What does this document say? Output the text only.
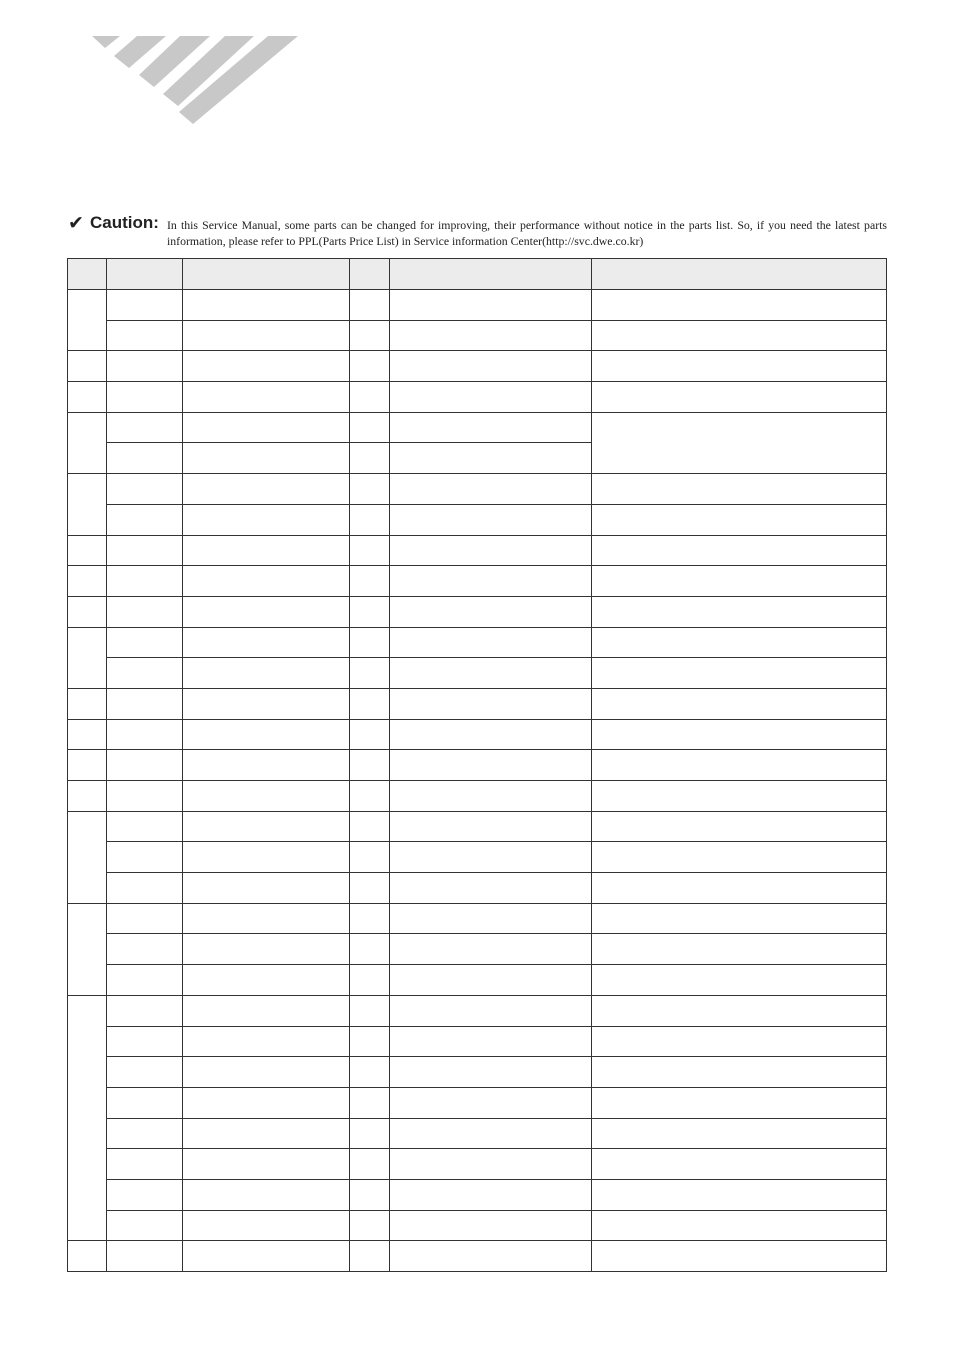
✔ Caution: In this Service Manual, some parts can be changed for improving, their performance without notice in the parts list. So, if you need the latest parts information, please refer to PPL(Parts Price List) in Service information Center(http://svc.dwe.co.kr)
